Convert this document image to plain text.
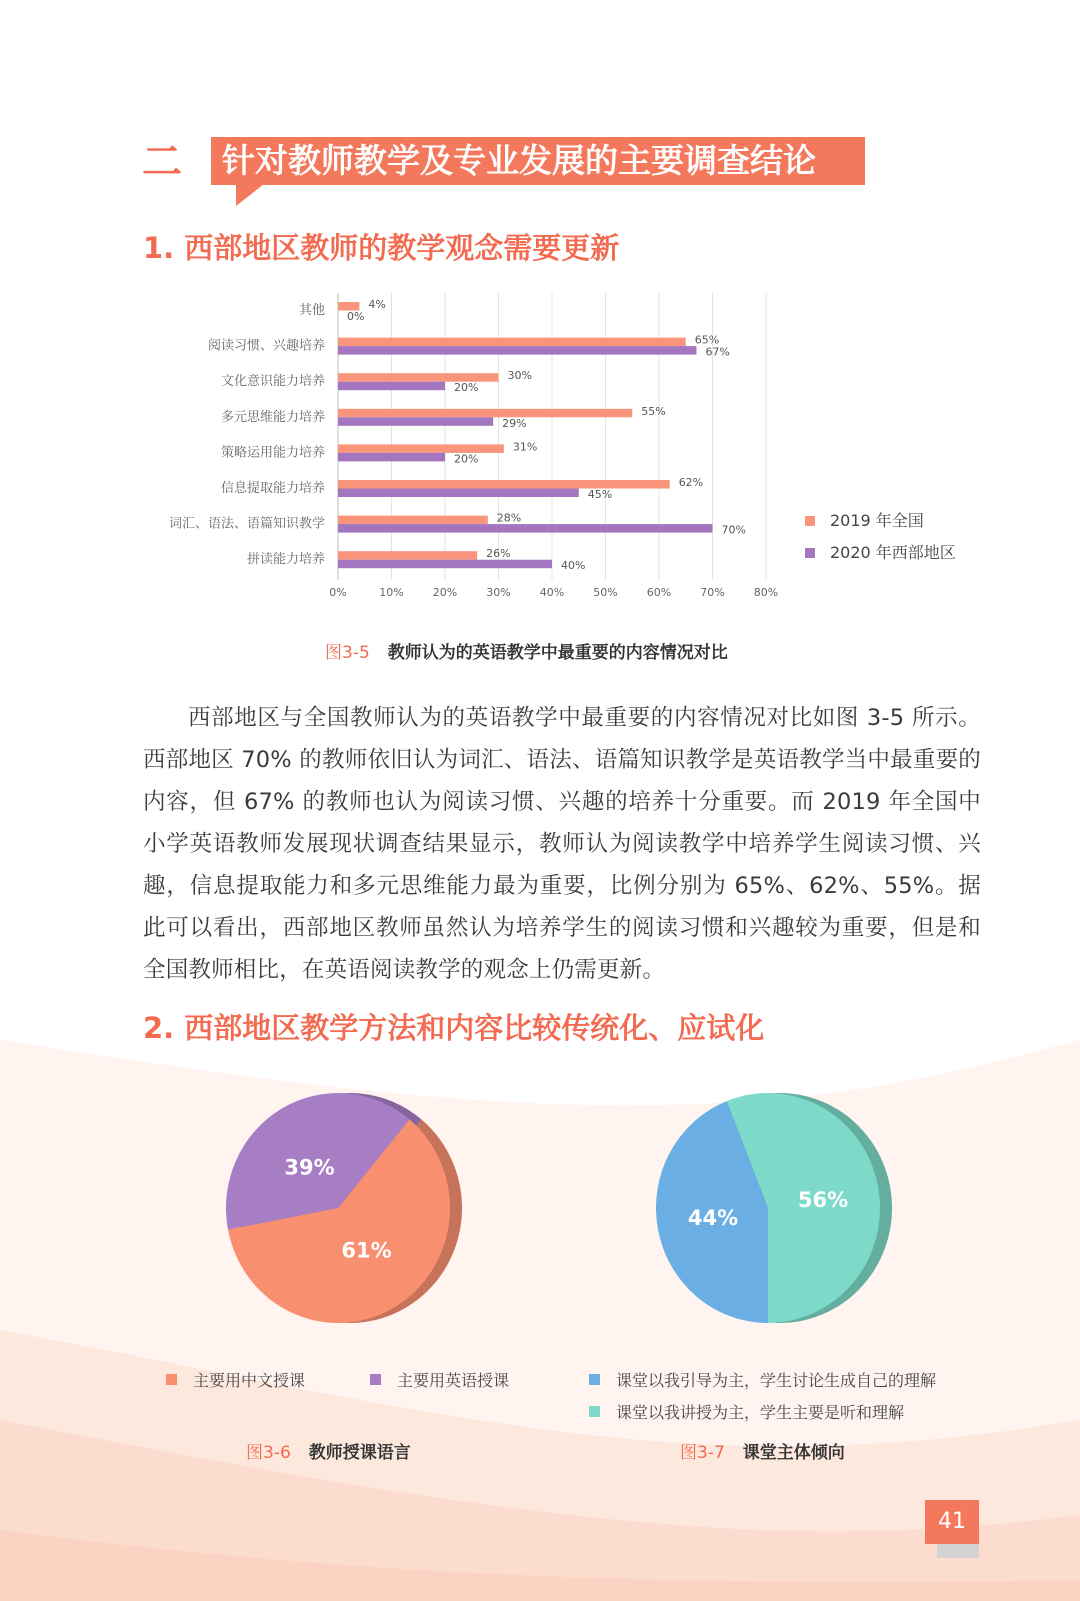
二 针对教师教学及专业发展的主要调查结论
1. 西部地区教师的教学观念需要更新
0%	10%	20%	30%	40%	50%	60%	70%	80%
其他	4%
0%
阅读习惯、兴趣培养	65%
67%
文化意识能力培养	30%
20%
多元思维能力培养	55%
29%
策略运用能力培养	31%
20%
信息提取能力培养	62%
45%
词汇、语法、语篇知识教学	28%
70%
拼读能力培养	26%
40%
2019 年全国
2020 年西部地区
图3-5 教师认为的英语教学中最重要的内容情况对比
西部地区与全国教师认为的英语教学中最重要的内容情况对比如图 3-5 所示。西部地区 70% 的教师依旧认为词汇、语法、语篇知识教学是英语教学当中最重要的内容，但 67% 的教师也认为阅读习惯、兴趣的培养十分重要。而 2019 年全国中小学英语教师发展现状调查结果显示，教师认为阅读教学中培养学生阅读习惯、兴趣，信息提取能力和多元思维能力最为重要，比例分别为 65%、62%、55%。据此可以看出，西部地区教师虽然认为培养学生的阅读习惯和兴趣较为重要，但是和全国教师相比，在英语阅读教学的观念上仍需更新。
2. 西部地区教学方法和内容比较传统化、应试化
61%
39%
44%
56%
主要用中文授课	主要用英语授课	课堂以我引导为主，学生讨论生成自己的理解
课堂以我讲授为主，学生主要是听和理解
图3-6 教师授课语言	图3-7 课堂主体倾向
41
